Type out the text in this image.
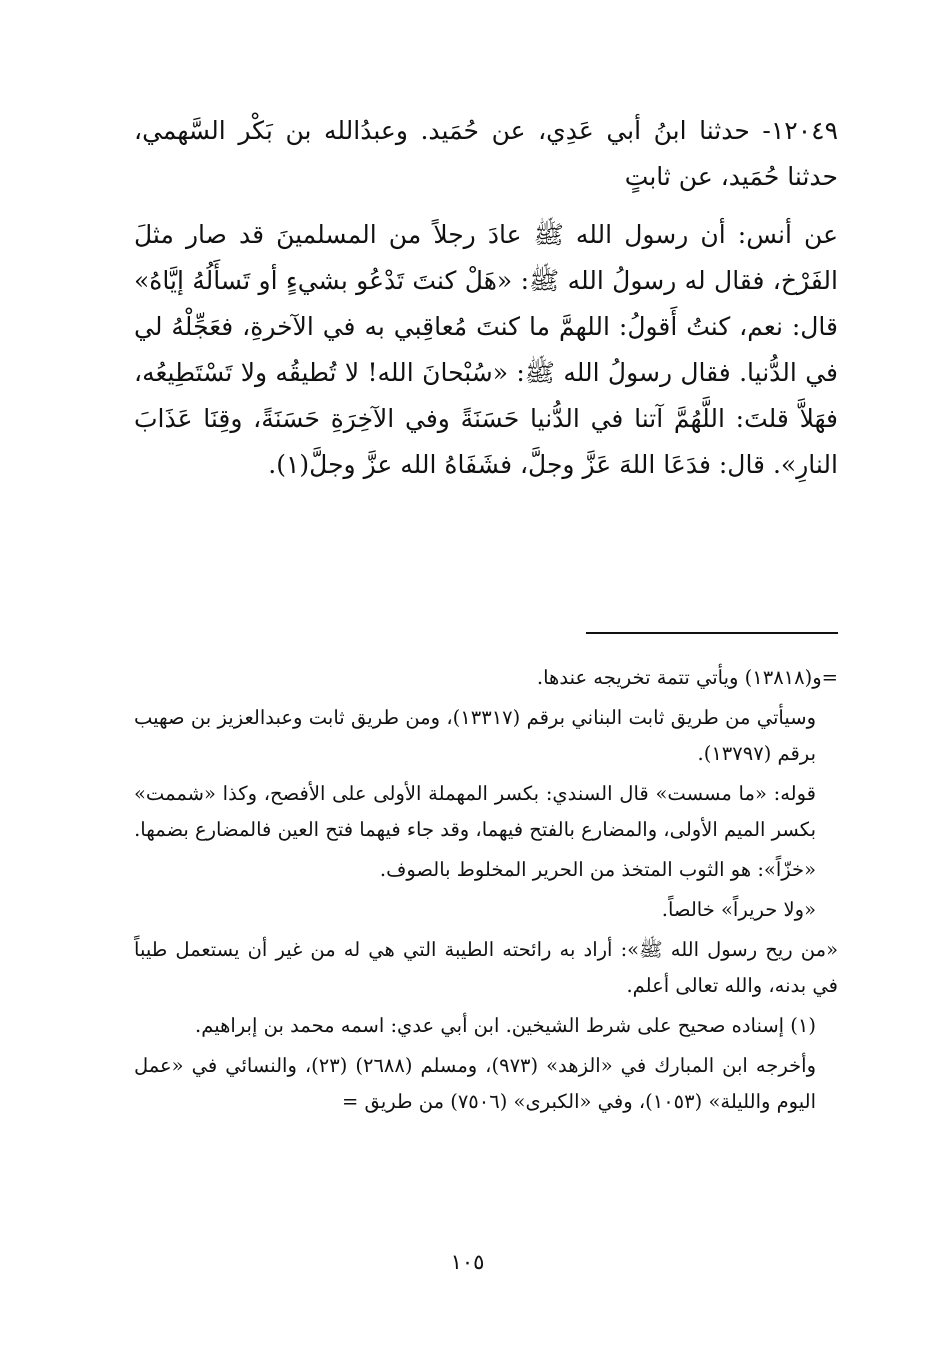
١٢٠٤٩- حدثنا ابنُ أبي عَدِي، عن حُمَيد. وعبدُالله بن بَكْر السَّهمي، حدثنا حُمَيد، عن ثابتٍ

عن أنس: أن رسول الله ﷺ عادَ رجلاً من المسلمينَ قد صار مثلَ الفَرْخ، فقال له رسولُ الله ﷺ: «هَلْ كنتَ تَدْعُو بشيءٍ أو تَسأَلُهُ إيَّاهُ» قال: نعم، كنتُ أَقولُ: اللهمَّ ما كنتَ مُعاقِبي به في الآخرةِ، فعَجِّلْهُ لي في الدُّنيا. فقال رسولُ الله ﷺ: «سُبْحانَ الله! لا تُطيقُه ولا تَسْتَطِيعُه، فهَلاَّ قلتَ: اللَّهُمَّ آتنا في الدُّنيا حَسَنَةً وفي الآخِرَةِ حَسَنَةً، وقِنَا عَذَابَ النارِ». قال: فدَعَا اللهَ عَزَّ وجلَّ، فشَفَاهُ الله عزَّ وجلَّ(١).

=و(١٣٨١٨) ويأتي تتمة تخريجه عندها.

وسيأتي من طريق ثابت البناني برقم (١٣٣١٧)، ومن طريق ثابت وعبدالعزيز بن صهيب برقم (١٣٧٩٧).

قوله: «ما مسست» قال السندي: بكسر المهملة الأولى على الأفصح، وكذا «شممت» بكسر الميم الأولى، والمضارع بالفتح فيهما، وقد جاء فيهما فتح العين فالمضارع بضمها.

«خزّاً»: هو الثوب المتخذ من الحرير المخلوط بالصوف.

«ولا حريراً» خالصاً.

«من ريح رسول الله ﷺ»: أراد به رائحته الطيبة التي هي له من غير أن يستعمل طيباً في بدنه، والله تعالى أعلم.

(١) إسناده صحيح على شرط الشيخين. ابن أبي عدي: اسمه محمد بن إبراهيم.

وأخرجه ابن المبارك في «الزهد» (٩٧٣)، ومسلم (٢٦٨٨) (٢٣)، والنسائي في «عمل اليوم والليلة» (١٠٥٣)، وفي «الكبرى» (٧٥٠٦) من طريق =

١٠٥
